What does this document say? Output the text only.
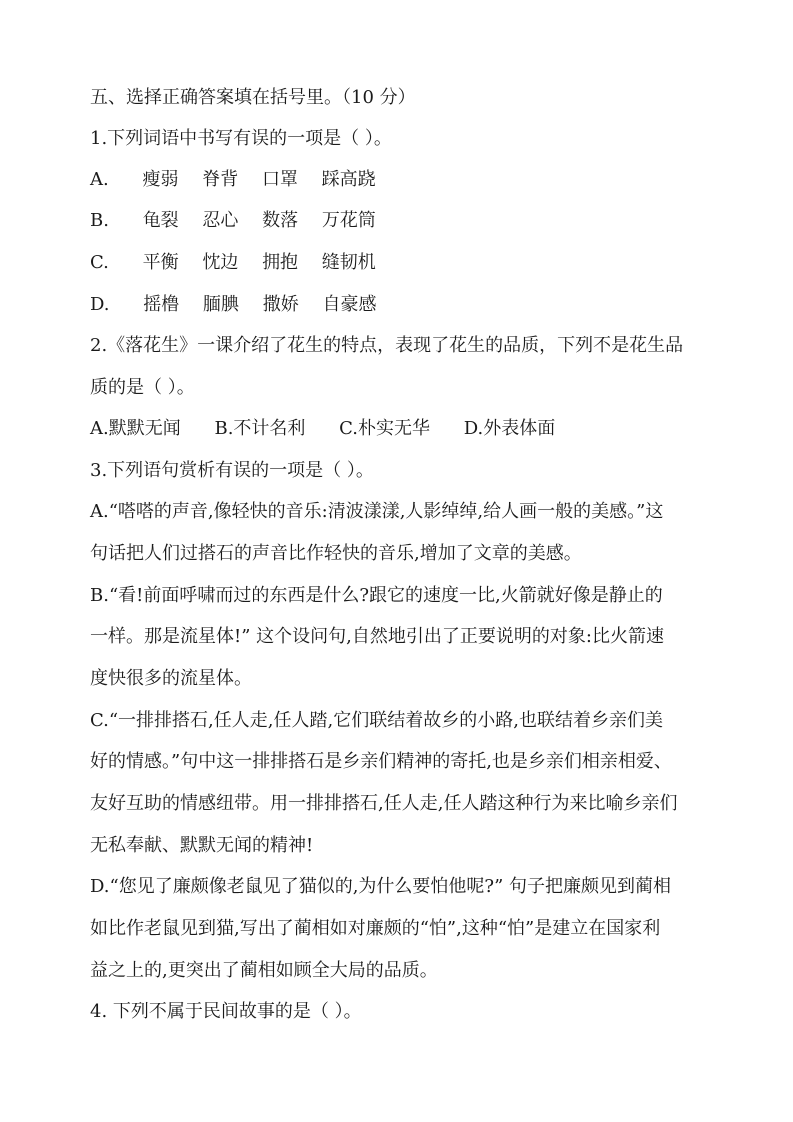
五、选择正确答案填在括号里。（10 分）
1.下列词语中书写有误的一项是（ ）。
A. 瘦弱 脊背 口罩 踩高跷
B. 龟裂 忍心 数落 万花筒
C. 平衡 忱边 拥抱 缝韧机
D. 摇橹 腼腆 撒娇 自豪感
2.《落花生》一课介绍了花生的特点，表现了花生的品质，下列不是花生品
质的是（ ）。
A.默默无闻 B.不计名利 C.朴实无华 D.外表体面
3.下列语句赏析有误的一项是（ ）。
A.“嗒嗒的声音,像轻快的音乐:清波漾漾,人影绰绰,给人画一般的美感。”这
句话把人们过搭石的声音比作轻快的音乐,增加了文章的美感。
B.“看!前面呼啸而过的东西是什么?跟它的速度一比,火箭就好像是静止的
一样。那是流星体!” 这个设问句,自然地引出了正要说明的对象:比火箭速
度快很多的流星体。
C.“一排排搭石,任人走,任人踏,它们联结着故乡的小路,也联结着乡亲们美
好的情感。”句中这一排排搭石是乡亲们精神的寄托,也是乡亲们相亲相爱、
友好互助的情感纽带。用一排排搭石,任人走,任人踏这种行为来比喻乡亲们
无私奉献、默默无闻的精神!
D.“您见了廉颇像老鼠见了猫似的,为什么要怕他呢?” 句子把廉颇见到蔺相
如比作老鼠见到猫,写出了蔺相如对廉颇的“怕”,这种“怕”是建立在国家利
益之上的,更突出了蔺相如顾全大局的品质。
4. 下列不属于民间故事的是（ ）。
